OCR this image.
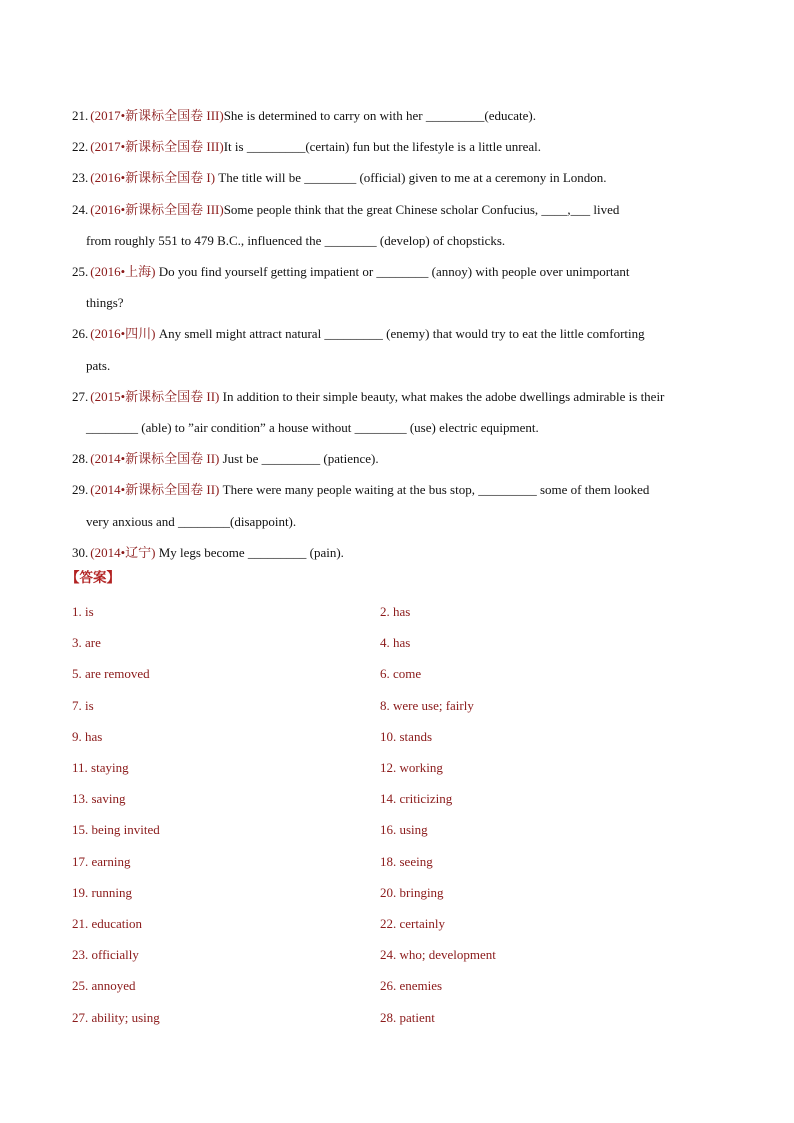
21. (2017•新课标全国卷 III)She is determined to carry on with her _________(educate).
22. (2017•新课标全国卷 III)It is _________(certain) fun but the lifestyle is a little unreal.
23. (2016•新课标全国卷 I) The title will be ________ (official) given to me at a ceremony in London.
24. (2016•新课标全国卷 III)Some people think that the great Chinese scholar Confucius, ____,___ lived
from roughly 551 to 479 B.C., influenced the ________ (develop) of chopsticks.
25. (2016•上海) Do you find yourself getting impatient or ________ (annoy) with people over unimportant
things?
26. (2016•四川) Any smell might attract natural _________ (enemy) that would try to eat the little comforting
pats.
27. (2015•新课标全国卷 II) In addition to their simple beauty, what makes the adobe dwellings admirable is their
________ (able) to ”air condition” a house without ________ (use) electric equipment.
28. (2014•新课标全国卷 II) Just be _________ (patience).
29. (2014•新课标全国卷 II) There were many people waiting at the bus stop, _________ some of them looked
very anxious and ________(disappoint).
30. (2014•辽宁) My legs become _________ (pain).
【答案】
1. is	2. has
3. are	4. has
5. are removed	6. come
7. is	8. were use; fairly
9. has	10. stands
11. staying	12. working
13. saving	14. criticizing
15. being invited	16. using
17. earning	18. seeing
19. running	20. bringing
21. education	22. certainly
23. officially	24. who; development
25. annoyed	26. enemies
27. ability; using	28. patient
